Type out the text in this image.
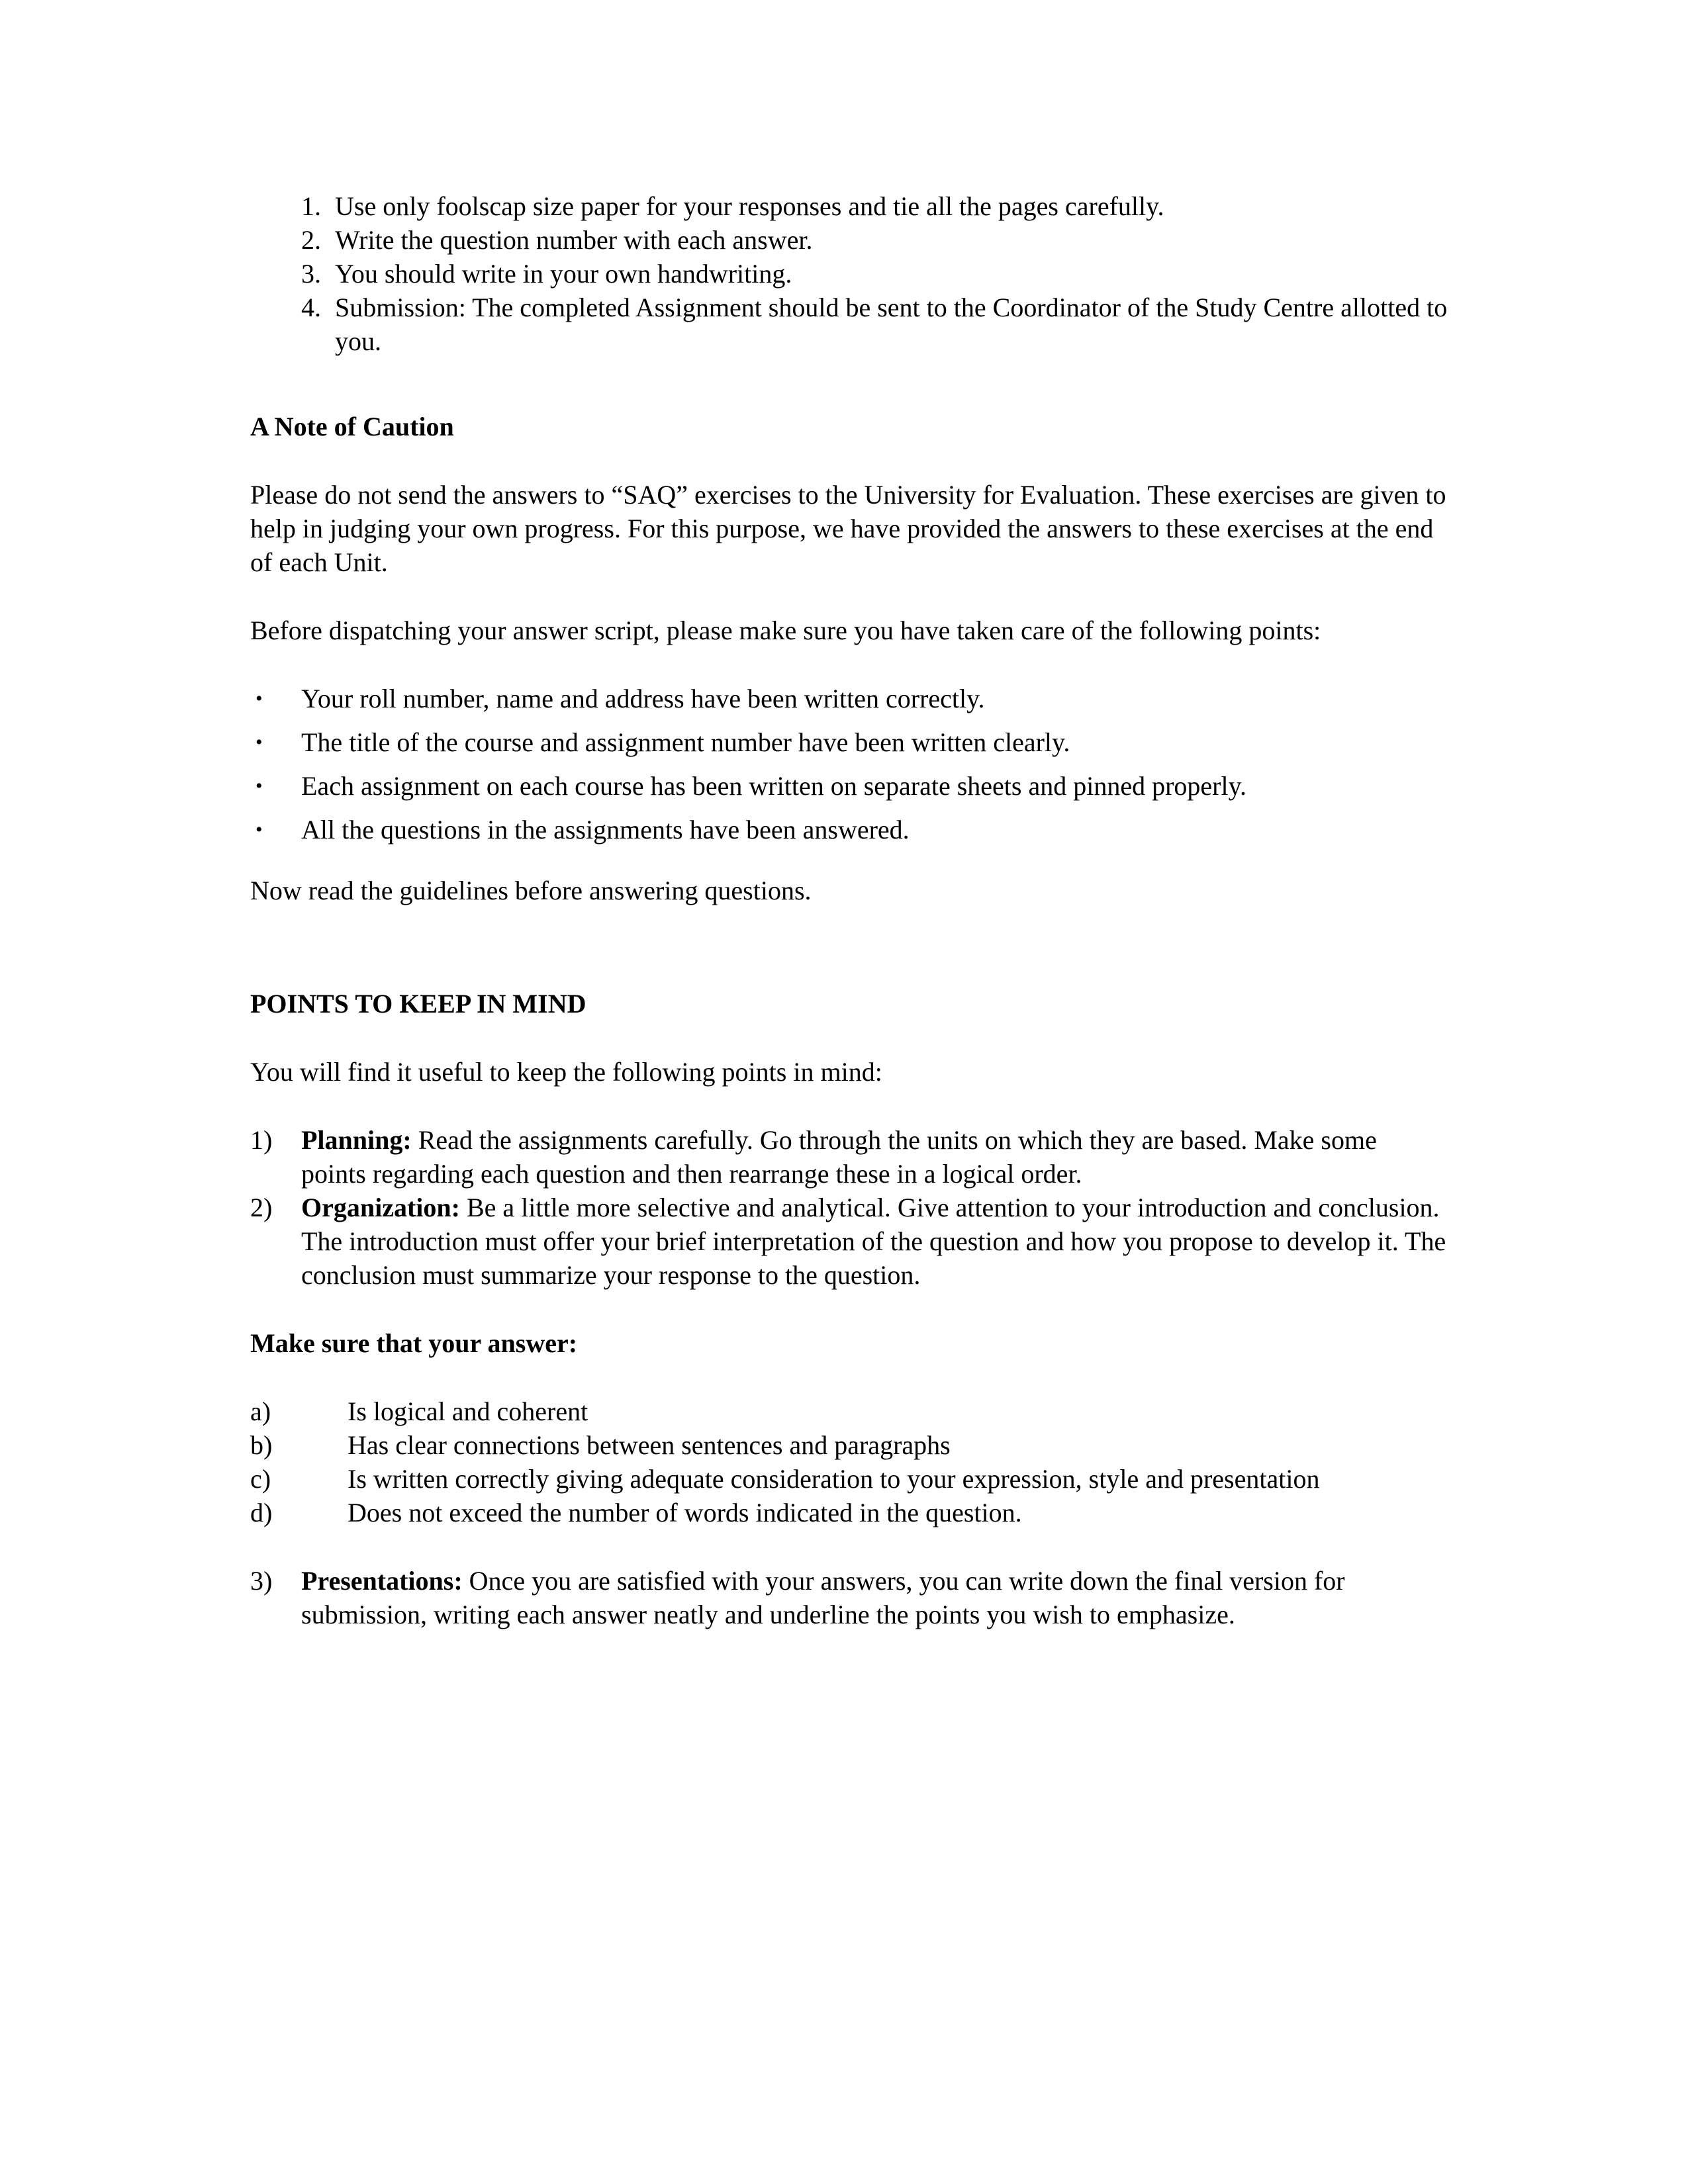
1. Use only foolscap size paper for your responses and tie all the pages carefully.
2. Write the question number with each answer.
3. You should write in your own handwriting.
4. Submission: The completed Assignment should be sent to the Coordinator of the Study Centre allotted to you.
A Note of Caution

Please do not send the answers to “SAQ” exercises to the University for Evaluation. These exercises are given to help in judging your own progress. For this purpose, we have provided the answers to these exercises at the end of each Unit.

Before dispatching your answer script, please make sure you have taken care of the following points:

•	Your roll number, name and address have been written correctly.
•	The title of the course and assignment number have been written clearly.
•	Each assignment on each course has been written on separate sheets and pinned properly.
•	All the questions in the assignments have been answered.

Now read the guidelines before answering questions.

POINTS TO KEEP IN MIND

You will find it useful to keep the following points in mind:

1)	Planning: Read the assignments carefully. Go through the units on which they are based. Make some points regarding each question and then rearrange these in a logical order.
2)	Organization: Be a little more selective and analytical. Give attention to your introduction and conclusion. The introduction must offer your brief interpretation of the question and how you propose to develop it. The conclusion must summarize your response to the question.
Make sure that your answer:
a)	Is logical and coherent
b)	Has clear connections between sentences and paragraphs
c)	Is written correctly giving adequate consideration to your expression, style and presentation
d)	Does not exceed the number of words indicated in the question.
3)	Presentations: Once you are satisfied with your answers, you can write down the final version for submission, writing each answer neatly and underline the points you wish to emphasize.
